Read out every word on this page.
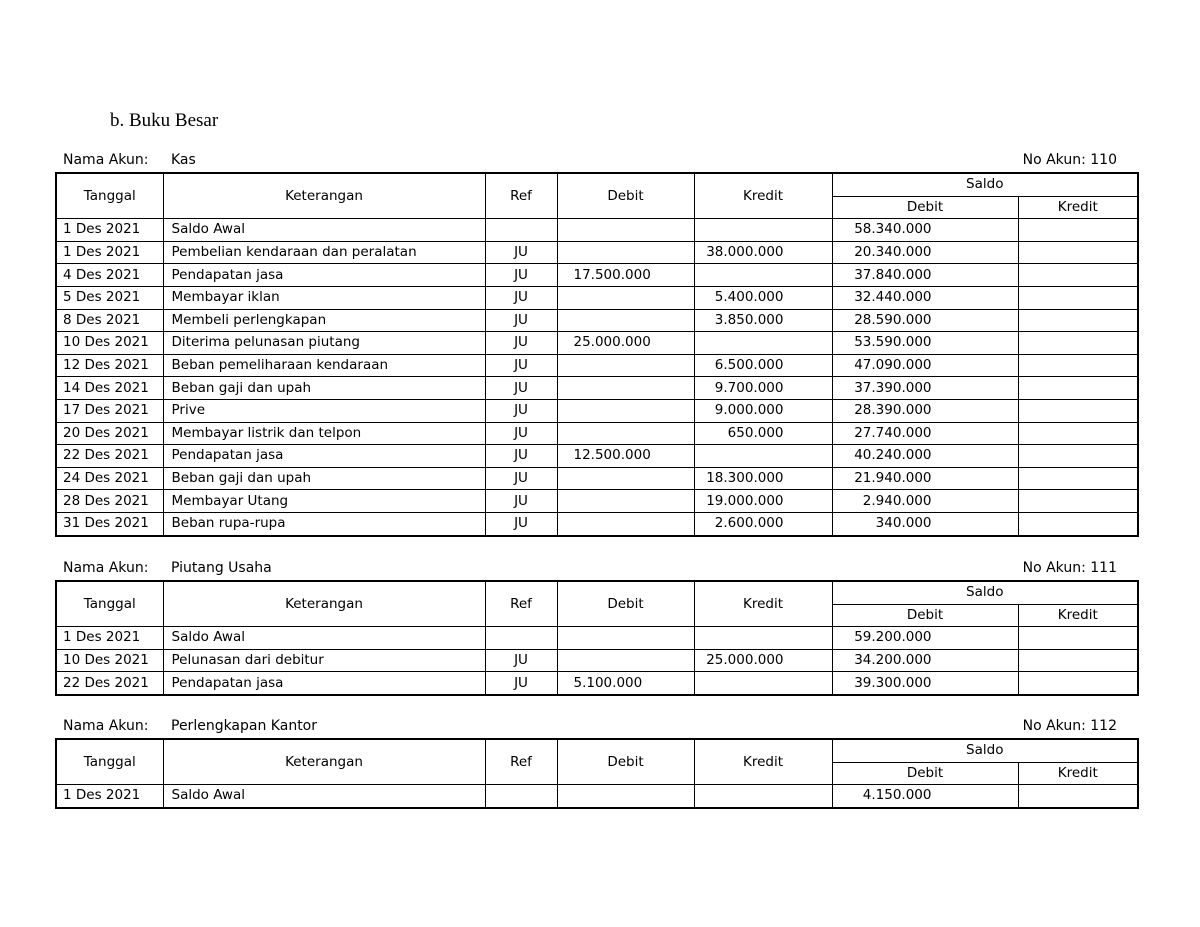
b. Buku Besar
Nama Akun: Kas	No Akun: 110
Tanggal	Keterangan	Ref	Debit	Kredit	Saldo	
					Debit	Kredit
1 Des 2021	Saldo Awal				58.340.000	
1 Des 2021	Pembelian kendaraan dan peralatan	JU		38.000.000	20.340.000	
4 Des 2021	Pendapatan jasa	JU	17.500.000		37.840.000	
5 Des 2021	Membayar iklan	JU		5.400.000	32.440.000	
8 Des 2021	Membeli perlengkapan	JU		3.850.000	28.590.000	
10 Des 2021	Diterima pelunasan piutang	JU	25.000.000		53.590.000	
12 Des 2021	Beban pemeliharaan kendaraan	JU		6.500.000	47.090.000	
14 Des 2021	Beban gaji dan upah	JU		9.700.000	37.390.000	
17 Des 2021	Prive	JU		9.000.000	28.390.000	
20 Des 2021	Membayar listrik dan telpon	JU		650.000	27.740.000	
22 Des 2021	Pendapatan jasa	JU	12.500.000		40.240.000	
24 Des 2021	Beban gaji dan upah	JU		18.300.000	21.940.000	
28 Des 2021	Membayar Utang	JU		19.000.000	2.940.000	
31 Des 2021	Beban rupa-rupa	JU		2.600.000	340.000	
Nama Akun: Piutang Usaha	No Akun: 111
Tanggal	Keterangan	Ref	Debit	Kredit	Saldo	
					Debit	Kredit
1 Des 2021	Saldo Awal				59.200.000	
10 Des 2021	Pelunasan dari debitur	JU		25.000.000	34.200.000	
22 Des 2021	Pendapatan jasa	JU	5.100.000		39.300.000	
Nama Akun: Perlengkapan Kantor	No Akun: 112
Tanggal	Keterangan	Ref	Debit	Kredit	Saldo	
					Debit	Kredit
1 Des 2021	Saldo Awal				4.150.000	
